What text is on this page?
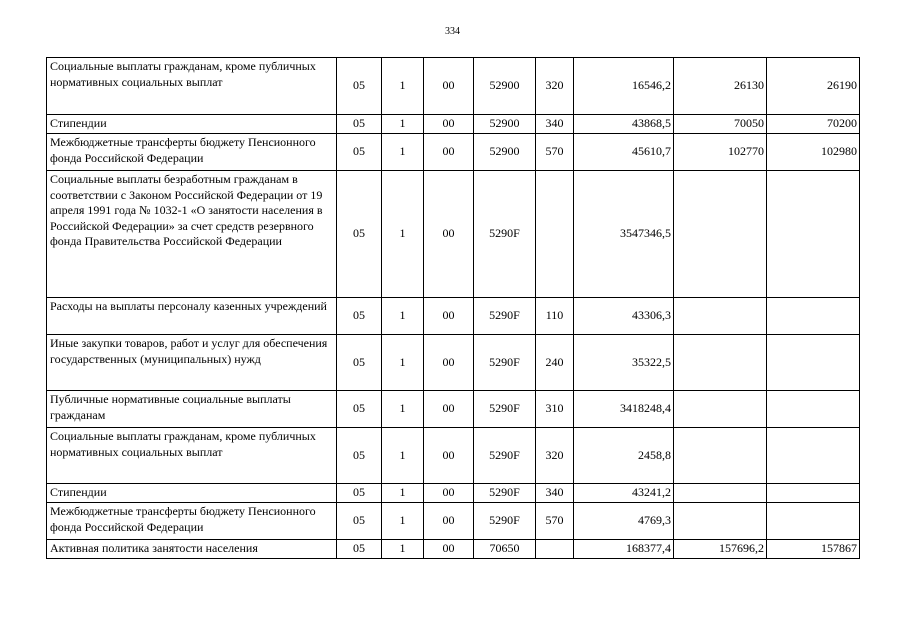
334
Социальные выплаты гражданам, кроме публичных нормативных социальных выплат	05	1	00	52900	320	16546,2	26130	26190
Стипендии	05	1	00	52900	340	43868,5	70050	70200
Межбюджетные трансферты бюджету Пенсионного фонда Российской Федерации	05	1	00	52900	570	45610,7	102770	102980
Социальные выплаты безработным гражданам в соответствии с Законом Российской Федерации от 19 апреля 1991 года № 1032-1 «О занятости населения в Российской Федерации» за счет средств резервного фонда Правительства Российской Федерации	05	1	00	5290F		3547346,5		
Расходы на выплаты персоналу казенных учреждений	05	1	00	5290F	110	43306,3		
Иные закупки товаров, работ и услуг для обеспечения государственных (муниципальных) нужд	05	1	00	5290F	240	35322,5		
Публичные нормативные социальные выплаты гражданам	05	1	00	5290F	310	3418248,4		
Социальные выплаты гражданам, кроме публичных нормативных социальных выплат	05	1	00	5290F	320	2458,8		
Стипендии	05	1	00	5290F	340	43241,2		
Межбюджетные трансферты бюджету Пенсионного фонда Российской Федерации	05	1	00	5290F	570	4769,3		
Активная политика занятости населения	05	1	00	70650		168377,4	157696,2	157867
